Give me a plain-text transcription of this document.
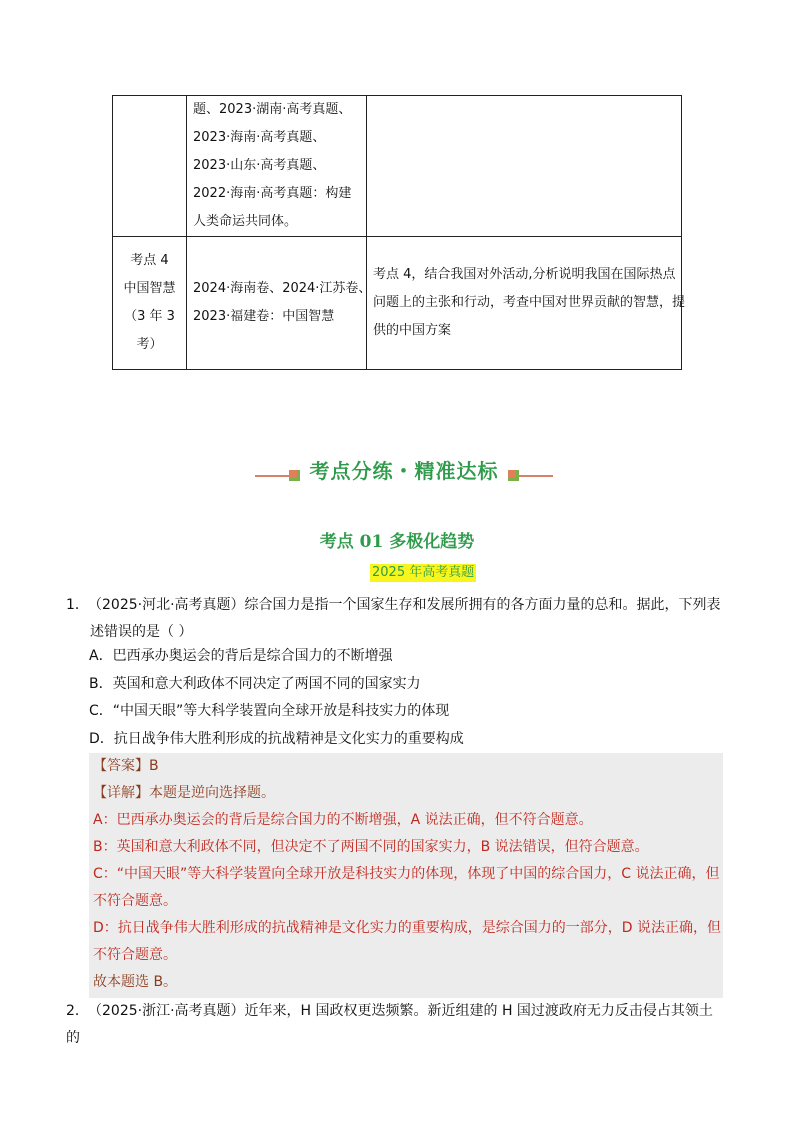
	题、2023·湖南·高考真题、
2023·海南·高考真题、
2023·山东·高考真题、
2022·海南·高考真题：构建
人类命运共同体。	

考点 4
中国智慧
（3 年 3
考）	2024·海南卷、2024·江苏卷、
2023·福建卷：中国智慧	考点 4，结合我国对外活动,分析说明我国在国际热点
问题上的主张和行动，考查中国对世界贡献的智慧，提
供的中国方案
考点分练・精准达标
考点 01 多极化趋势
2025 年高考真题
1．（2025·河北·高考真题）综合国力是指一个国家生存和发展所拥有的各方面力量的总和。据此，下列表
述错误的是（ ）
A．巴西承办奥运会的背后是综合国力的不断增强
B．英国和意大利政体不同决定了两国不同的国家实力
C．“中国天眼”等大科学装置向全球开放是科技实力的体现
D．抗日战争伟大胜利形成的抗战精神是文化实力的重要构成
【答案】B
【详解】本题是逆向选择题。
A：巴西承办奥运会的背后是综合国力的不断增强，A 说法正确，但不符合题意。
B：英国和意大利政体不同，但决定不了两国不同的国家实力，B 说法错误，但符合题意。
C：“中国天眼”等大科学装置向全球开放是科技实力的体现，体现了中国的综合国力，C 说法正确，但
不符合题意。
D：抗日战争伟大胜利形成的抗战精神是文化实力的重要构成，是综合国力的一部分，D 说法正确，但
不符合题意。
故本题选 B。
2．（2025·浙江·高考真题）近年来，H 国政权更迭频繁。新近组建的 H 国过渡政府无力反击侵占其领土的
